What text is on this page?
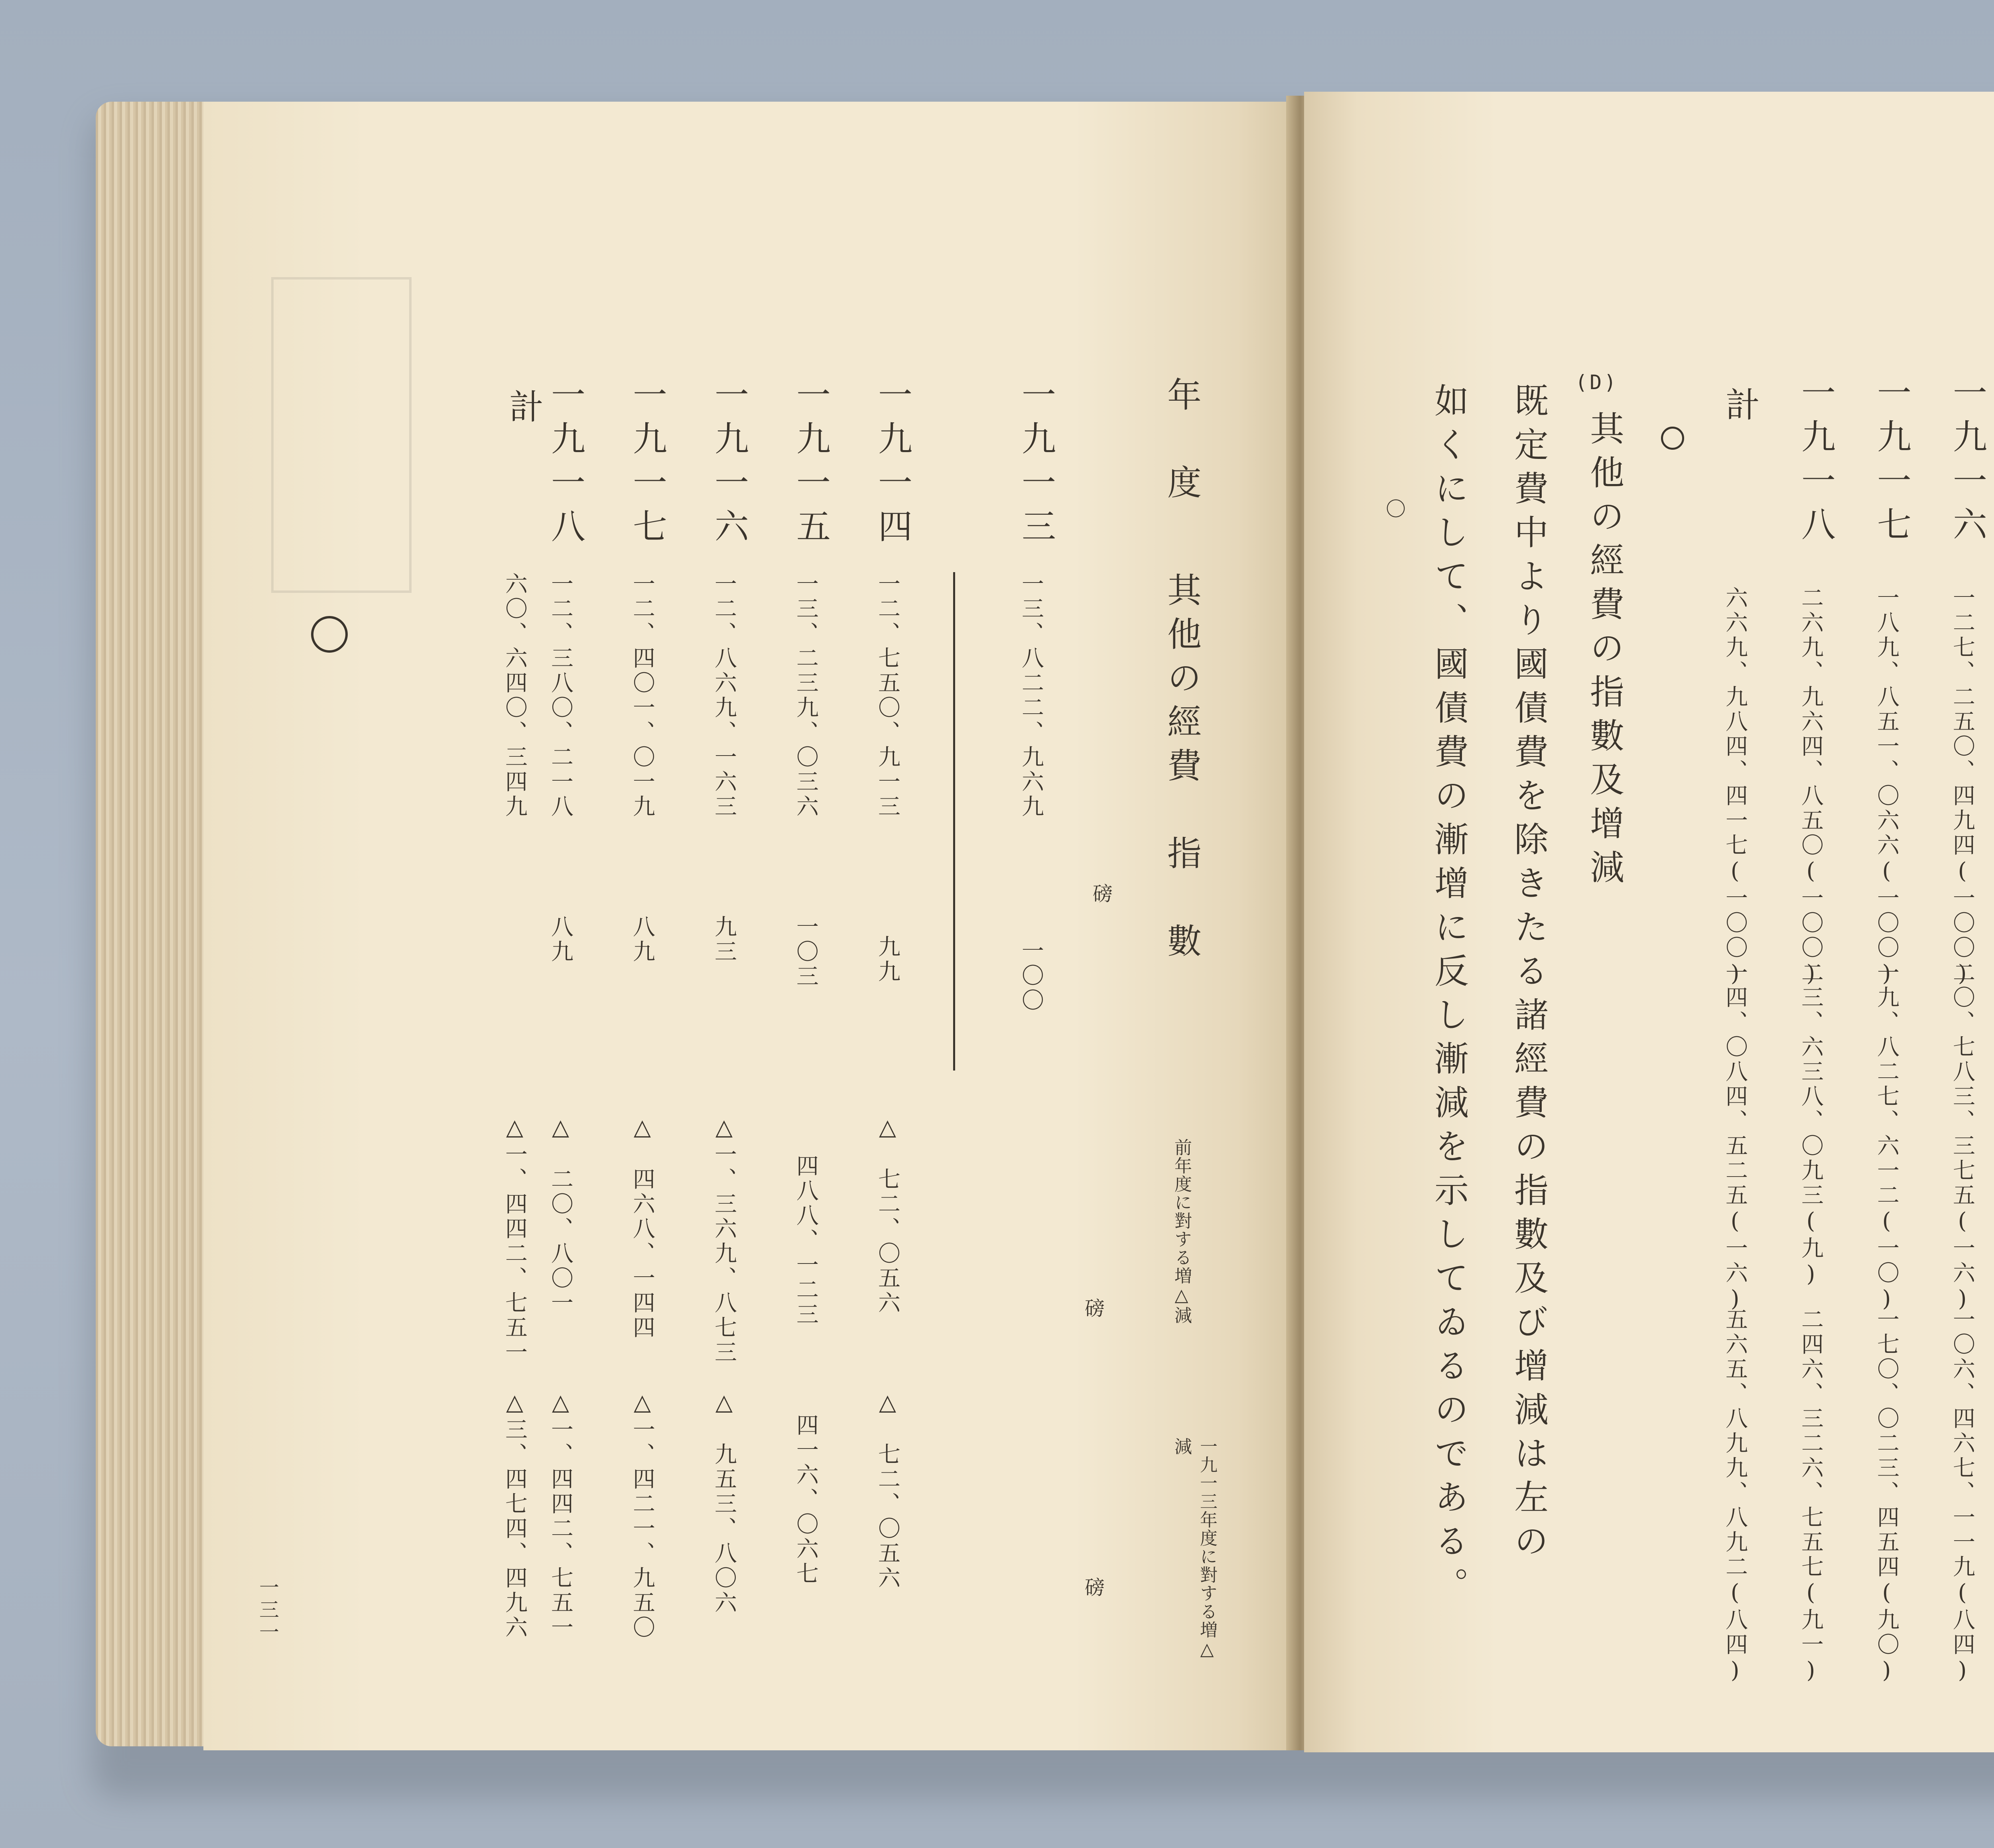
年　度
其他の經費　指　數
磅
前年度に對する増△減
磅
一九一三年度に對する増△減
磅
一九一三
一三、八二二、九六九
一〇〇
一九一四
一二、七五〇、九一三
九九
△　七二、〇五六
△　七二、〇五六
一九一五
一三、二三九、〇三六
一〇三
四八八、一二三
四一六、〇六七
一九一六
一二、八六九、一六三
九三
△一、三六九、八七三
△　九五三、八〇六
一九一七
一二、四〇一、〇一九
八九
△　四六八、一四四
△一、四二一、九五〇
一九一八
一二、三八〇、二一八
八九
△　二〇、八〇一
△一、四四二、七五一
計
六〇、六四〇、三四九
△一、四四二、七五一
△三、四七四、四九六
一三一
一九一六
一二七、二五〇、四九四(一〇〇)
二〇、七八三、三七五(一六)
一〇六、四六七、一一九(八四)
一九一七
一八九、八五一、〇六六(一〇〇)
一九、八二七、六一二(一〇)
一七〇、〇二三、四五四(九〇)
一九一八
二六九、九六四、八五〇(一〇〇)
二三、六三八、〇九三(九)
二四六、三二六、七五七(九一)
計
六六九、九八四、四一七(一〇〇)
一四、〇八四、五二五(一六)
五六五、八九九、八九二(八四)
(D)
其他の經費の指數及增減
既定費中より國債費を除きたる諸經費の指數及び增減は左の
如くにして、國債費の漸增に反し漸減を示してゐるのである。
〇
